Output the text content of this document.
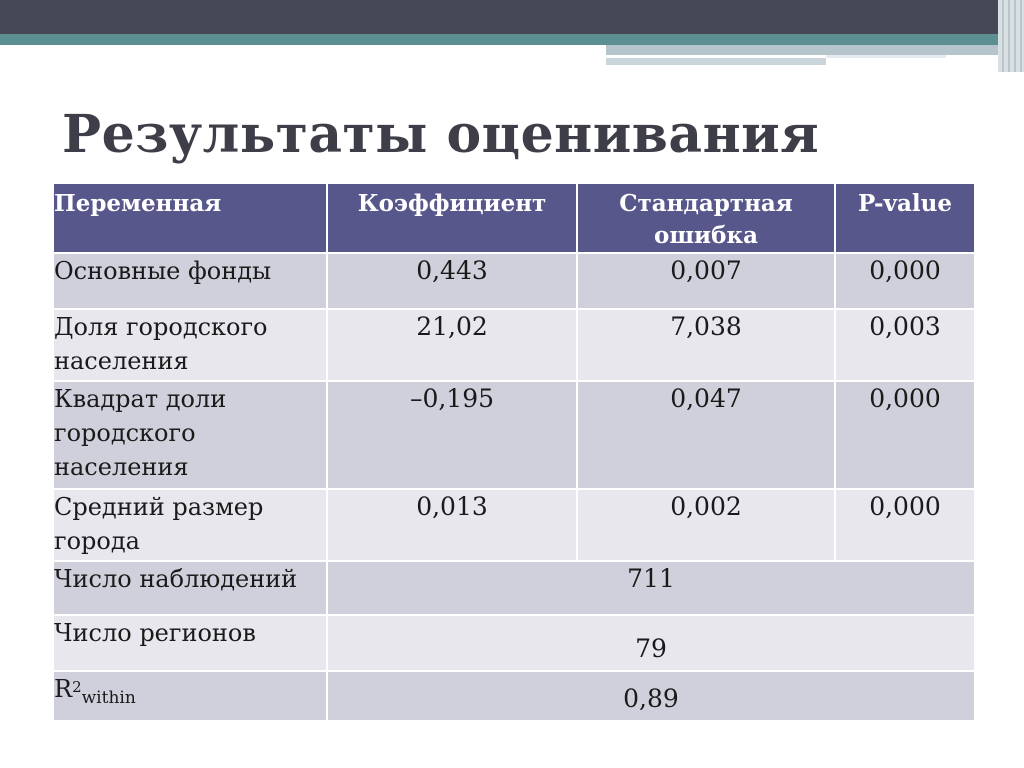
Результаты оценивания
Переменная	Коэффициент	Стандартная ошибка	P-value
Основные фонды	0,443	0,007	0,000
Доля городского населения	21,02	7,038	0,003
Квадрат доли городского населения	–0,195	0,047	0,000
Средний размер города	0,013	0,002	0,000
Число наблюдений	711		
Число регионов	79		
$R^2_{within}$	0,89		
